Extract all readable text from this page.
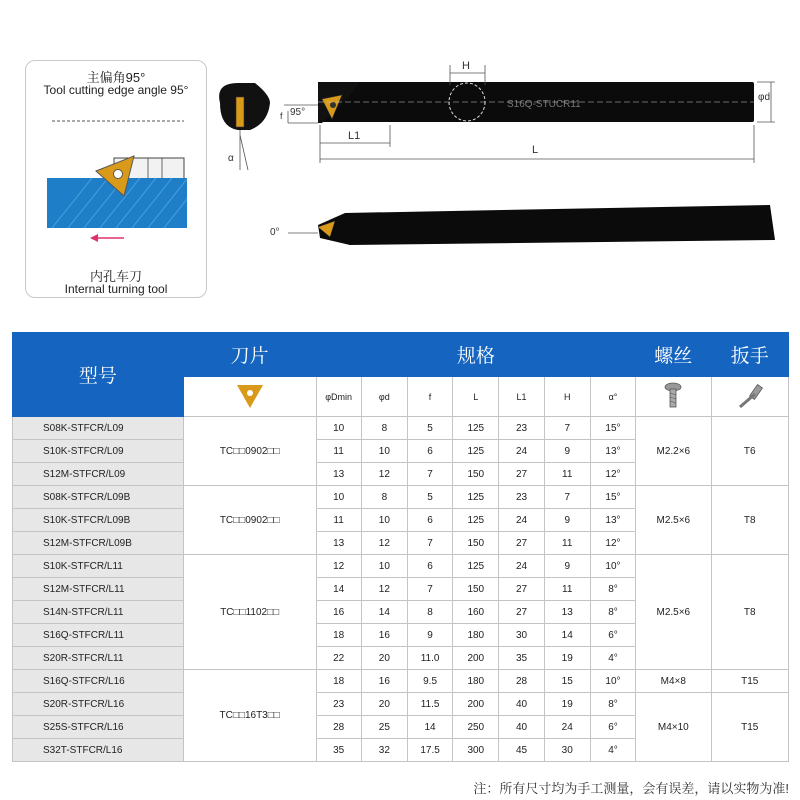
主偏角95°
Tool cutting edge angle 95°
内孔车刀
Internal turning tool
α
S16Q-STUCR11
H
φd
95°
f
L1
L
0°
型号	刀片	规格							螺丝	扳手
	φDmin	φd	f	L	L1	H	α°		
S08K-STFCR/L09	TC□□0902□□	10	8	5	125	23	7	15°	M2.2×6	T6
S10K-STFCR/L09		11	10	6	125	24	9	13°		
S12M-STFCR/L09		13	12	7	150	27	11	12°		
S08K-STFCR/L09B	TC□□0902□□	10	8	5	125	23	7	15°	M2.5×6	T8
S10K-STFCR/L09B		11	10	6	125	24	9	13°		
S12M-STFCR/L09B		13	12	7	150	27	11	12°		
S10K-STFCR/L11	TC□□1102□□	12	10	6	125	24	9	10°	M2.5×6	T8
S12M-STFCR/L11		14	12	7	150	27	11	8°		
S14N-STFCR/L11		16	14	8	160	27	13	8°		
S16Q-STFCR/L11		18	16	9	180	30	14	6°		
S20R-STFCR/L11		22	20	11.0	200	35	19	4°		
S16Q-STFCR/L16	TC□□16T3□□	18	16	9.5	180	28	15	10°	M4×8	T15
S20R-STFCR/L16		23	20	11.5	200	40	19	8°	M4×10	T15
S25S-STFCR/L16		28	25	14	250	40	24	6°		
S32T-STFCR/L16		35	32	17.5	300	45	30	4°		
注：所有尺寸均为手工测量，会有误差，请以实物为准!
